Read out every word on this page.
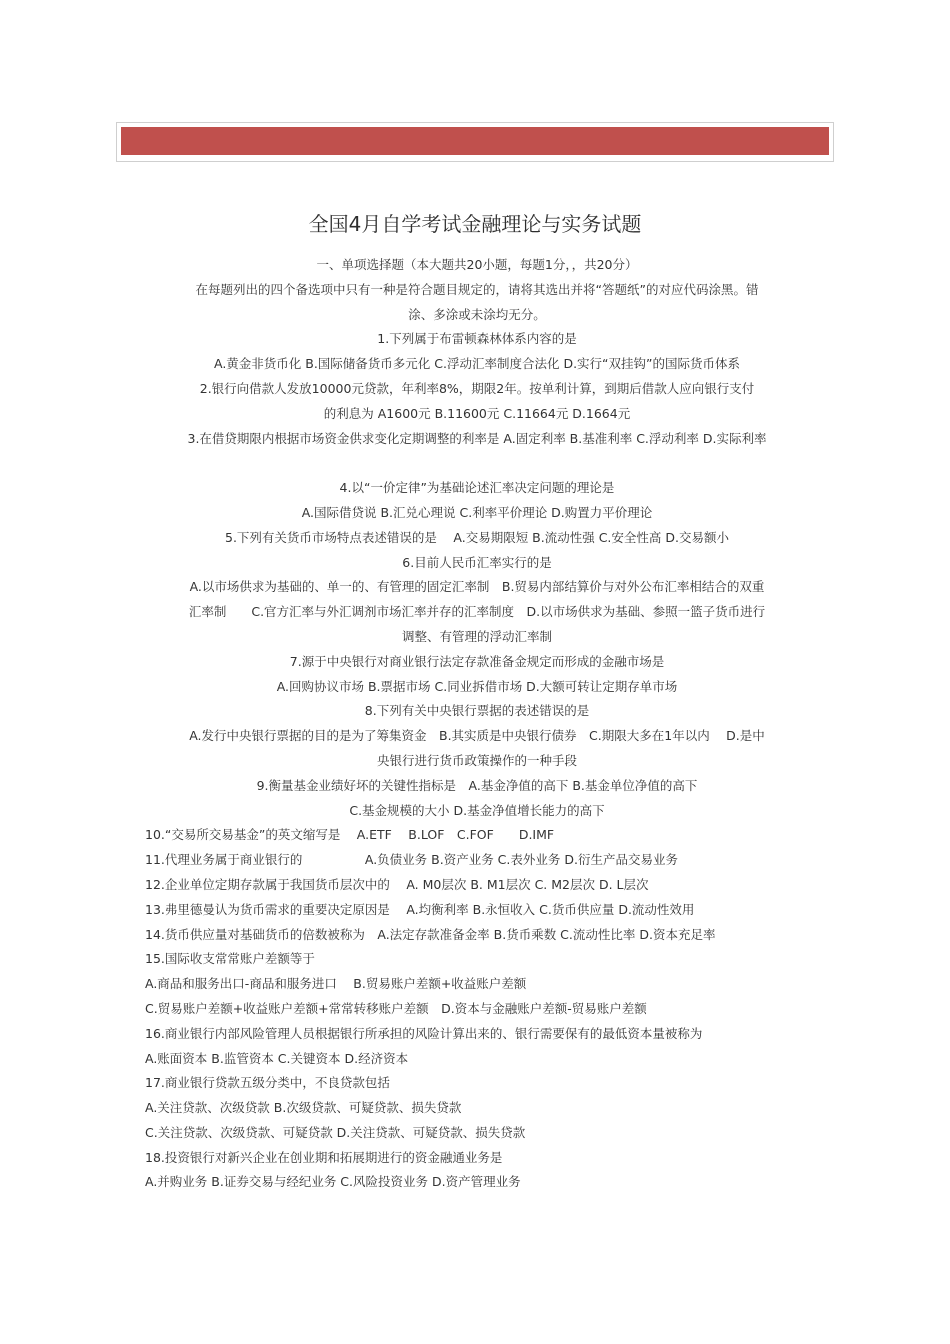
全国4月自学考试金融理论与实务试题

一、单项选择题（本大题共20小题，每题1分，，共20分）

在每题列出的四个备选项中只有一种是符合题目规定的，请将其选出并将“答题纸”的对应代码涂黑。错

涂、多涂或未涂均无分。

1.下列属于布雷顿森林体系内容的是

A.黄金非货币化 B.国际储备货币多元化 C.浮动汇率制度合法化 D.实行“双挂钩”的国际货币体系

2.银行向借款人发放10000元贷款，年利率8%，期限2年。按单利计算，到期后借款人应向银行支付

的利息为 A1600元 B.11600元 C.11664元 D.1664元

3.在借贷期限内根据市场资金供求变化定期调整的利率是 A.固定利率 B.基准利率 C.浮动利率 D.实际利率

4.以“一价定律”为基础论述汇率决定问题的理论是

A.国际借贷说 B.汇兑心理说 C.利率平价理论 D.购置力平价理论

5.下列有关货币市场特点表述错误的是　 A.交易期限短 B.流动性强 C.安全性高 D.交易额小

6.目前人民币汇率实行的是

A.以市场供求为基础的、单一的、有管理的固定汇率制　B.贸易内部结算价与对外公布汇率相结合的双重

汇率制　　C.官方汇率与外汇调剂市场汇率并存的汇率制度　D.以市场供求为基础、参照一篮子货币进行

调整、有管理的浮动汇率制

7.源于中央银行对商业银行法定存款准备金规定而形成的金融市场是

A.回购协议市场 B.票据市场 C.同业拆借市场 D.大额可转让定期存单市场

8.下列有关中央银行票据的表述错误的是

A.发行中央银行票据的目的是为了筹集资金　B.其实质是中央银行债券　C.期限大多在1年以内　 D.是中

央银行进行货币政策操作的一种手段

9.衡量基金业绩好坏的关键性指标是　A.基金净值的高下 B.基金单位净值的高下

C.基金规模的大小 D.基金净值增长能力的高下

10.“交易所交易基金”的英文缩写是　 A.ETF　 B.LOF　C.FOF　　D.IMF

11.代理业务属于商业银行的　　　　　A.负债业务 B.资产业务 C.表外业务 D.衍生产品交易业务

12.企业单位定期存款属于我国货币层次中的　 A. M0层次 B. M1层次 C. M2层次 D. L层次

13.弗里德曼认为货币需求的重要决定原因是　 A.均衡利率 B.永恒收入 C.货币供应量 D.流动性效用

14.货币供应量对基础货币的倍数被称为　A.法定存款准备金率 B.货币乘数 C.流动性比率 D.资本充足率

15.国际收支常常账户差额等于

A.商品和服务出口-商品和服务进口　 B.贸易账户差额+收益账户差额

C.贸易账户差额+收益账户差额+常常转移账户差额　D.资本与金融账户差额-贸易账户差额

16.商业银行内部风险管理人员根据银行所承担的风险计算出来的、银行需要保有的最低资本量被称为

A.账面资本 B.监管资本 C.关键资本 D.经济资本

17.商业银行贷款五级分类中，不良贷款包括

A.关注贷款、次级贷款 B.次级贷款、可疑贷款、损失贷款

C.关注贷款、次级贷款、可疑贷款 D.关注贷款、可疑贷款、损失贷款

18.投资银行对新兴企业在创业期和拓展期进行的资金融通业务是

A.并购业务 B.证券交易与经纪业务 C.风险投资业务 D.资产管理业务
